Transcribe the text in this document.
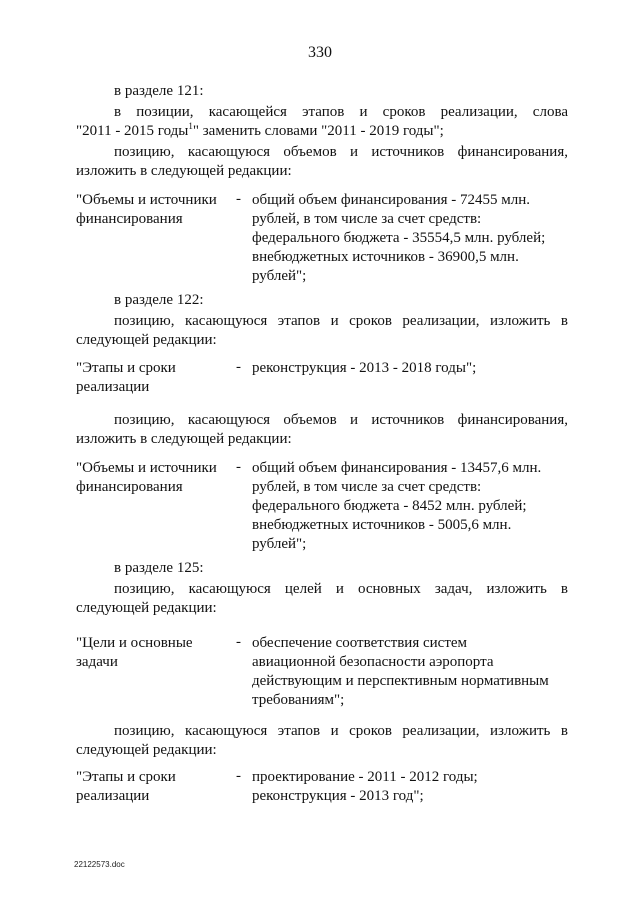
330
в разделе 121:
в позиции, касающейся этапов и сроков реализации, слова
"2011 - 2015 годы$^1$" заменить словами "2011 - 2019 годы";
позицию, касающуюся объемов и источников финансирования,
изложить в следующей редакции:
"Объемы и источники
финансирования
- общий объем финансирования - 72455 млн.
рублей, в том числе за счет средств:
федерального бюджета - 35554,5 млн. рублей;
внебюджетных источников - 36900,5 млн.
рублей";
в разделе 122:
позицию, касающуюся этапов и сроков реализации, изложить в
следующей редакции:
"Этапы и сроки
реализации
- реконструкция - 2013 - 2018 годы";
позицию, касающуюся объемов и источников финансирования,
изложить в следующей редакции:
"Объемы и источники
финансирования
- общий объем финансирования - 13457,6 млн.
рублей, в том числе за счет средств:
федерального бюджета - 8452 млн. рублей;
внебюджетных источников - 5005,6 млн.
рублей";
в разделе 125:
позицию, касающуюся целей и основных задач, изложить в
следующей редакции:
"Цели и основные
задачи
- обеспечение соответствия систем
авиационной безопасности аэропорта
действующим и перспективным нормативным
требованиям";
позицию, касающуюся этапов и сроков реализации, изложить в
следующей редакции:
"Этапы и сроки
реализации
- проектирование - 2011 - 2012 годы;
реконструкция - 2013 год";
22122573.doc
